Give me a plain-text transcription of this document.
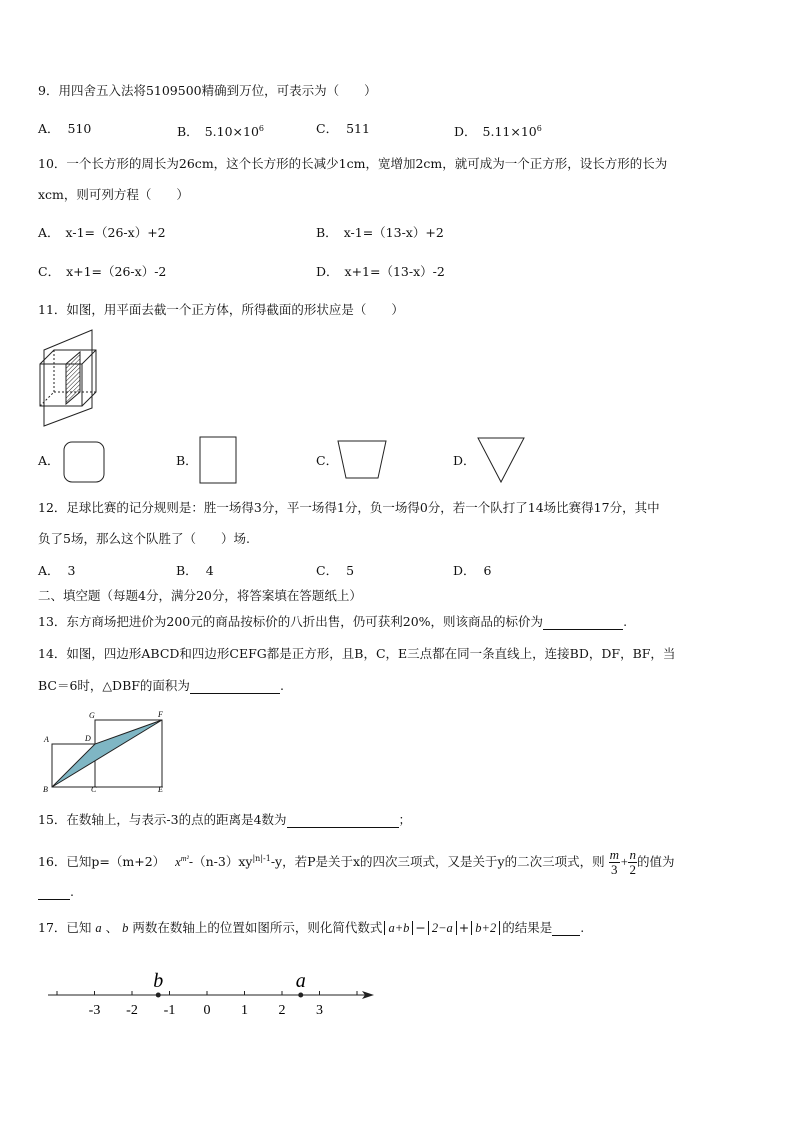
9．用四舍五入法将5109500精确到万位，可表示为（　　）
A． 510	B． $5.10\times 10^6$	C． 511	D． $5.11\times 10^6$
10．一个长方形的周长为26cm，这个长方形的长减少1cm，宽增加2cm，就可成为一个正方形，设长方形的长为
xcm，则可列方程（　　）
A． x-1=（26-x）+2	B． x-1=（13-x）+2
C． x+1=（26-x）-2	D． x+1=（13-x）-2
11．如图，用平面去截一个正方体，所得截面的形状应是（　　）
A．	B．	C．	D．
12．足球比赛的记分规则是：胜一场得3分，平一场得1分，负一场得0分，若一个队打了14场比赛得17分，其中
负了5场，那么这个队胜了（　　）场.
A． 3	B． 4	C． 5	D． 6
二、填空题（每题4分，满分20分，将答案填在答题纸上）
13．东方商场把进价为200元的商品按标价的八折出售，仍可获利20%，则该商品的标价为	.
14．如图，四边形ABCD和四边形CEFG都是正方形，且B，C，E三点都在同一条直线上，连接BD，DF，BF，当
BC＝6时，△DBF的面积为	.
A
B	C
D
E
F
G
15．在数轴上，与表示-3的点的距离是4数为	；
16．已知p=（m+2） $x^{m^2}-(n-3)xy^{|n|-1}-y$，若P是关于x的四次三项式，又是关于y的二次三项式，则 $\frac{m}{3} + \frac{n}{2}$ 的值为
.
17．已知 a 、 b 两数在数轴上的位置如图所示，则化简代数式 a+b − 2−a + b+2 的结果是 .
-3 -2 -1 0 1 2 3
b	a
